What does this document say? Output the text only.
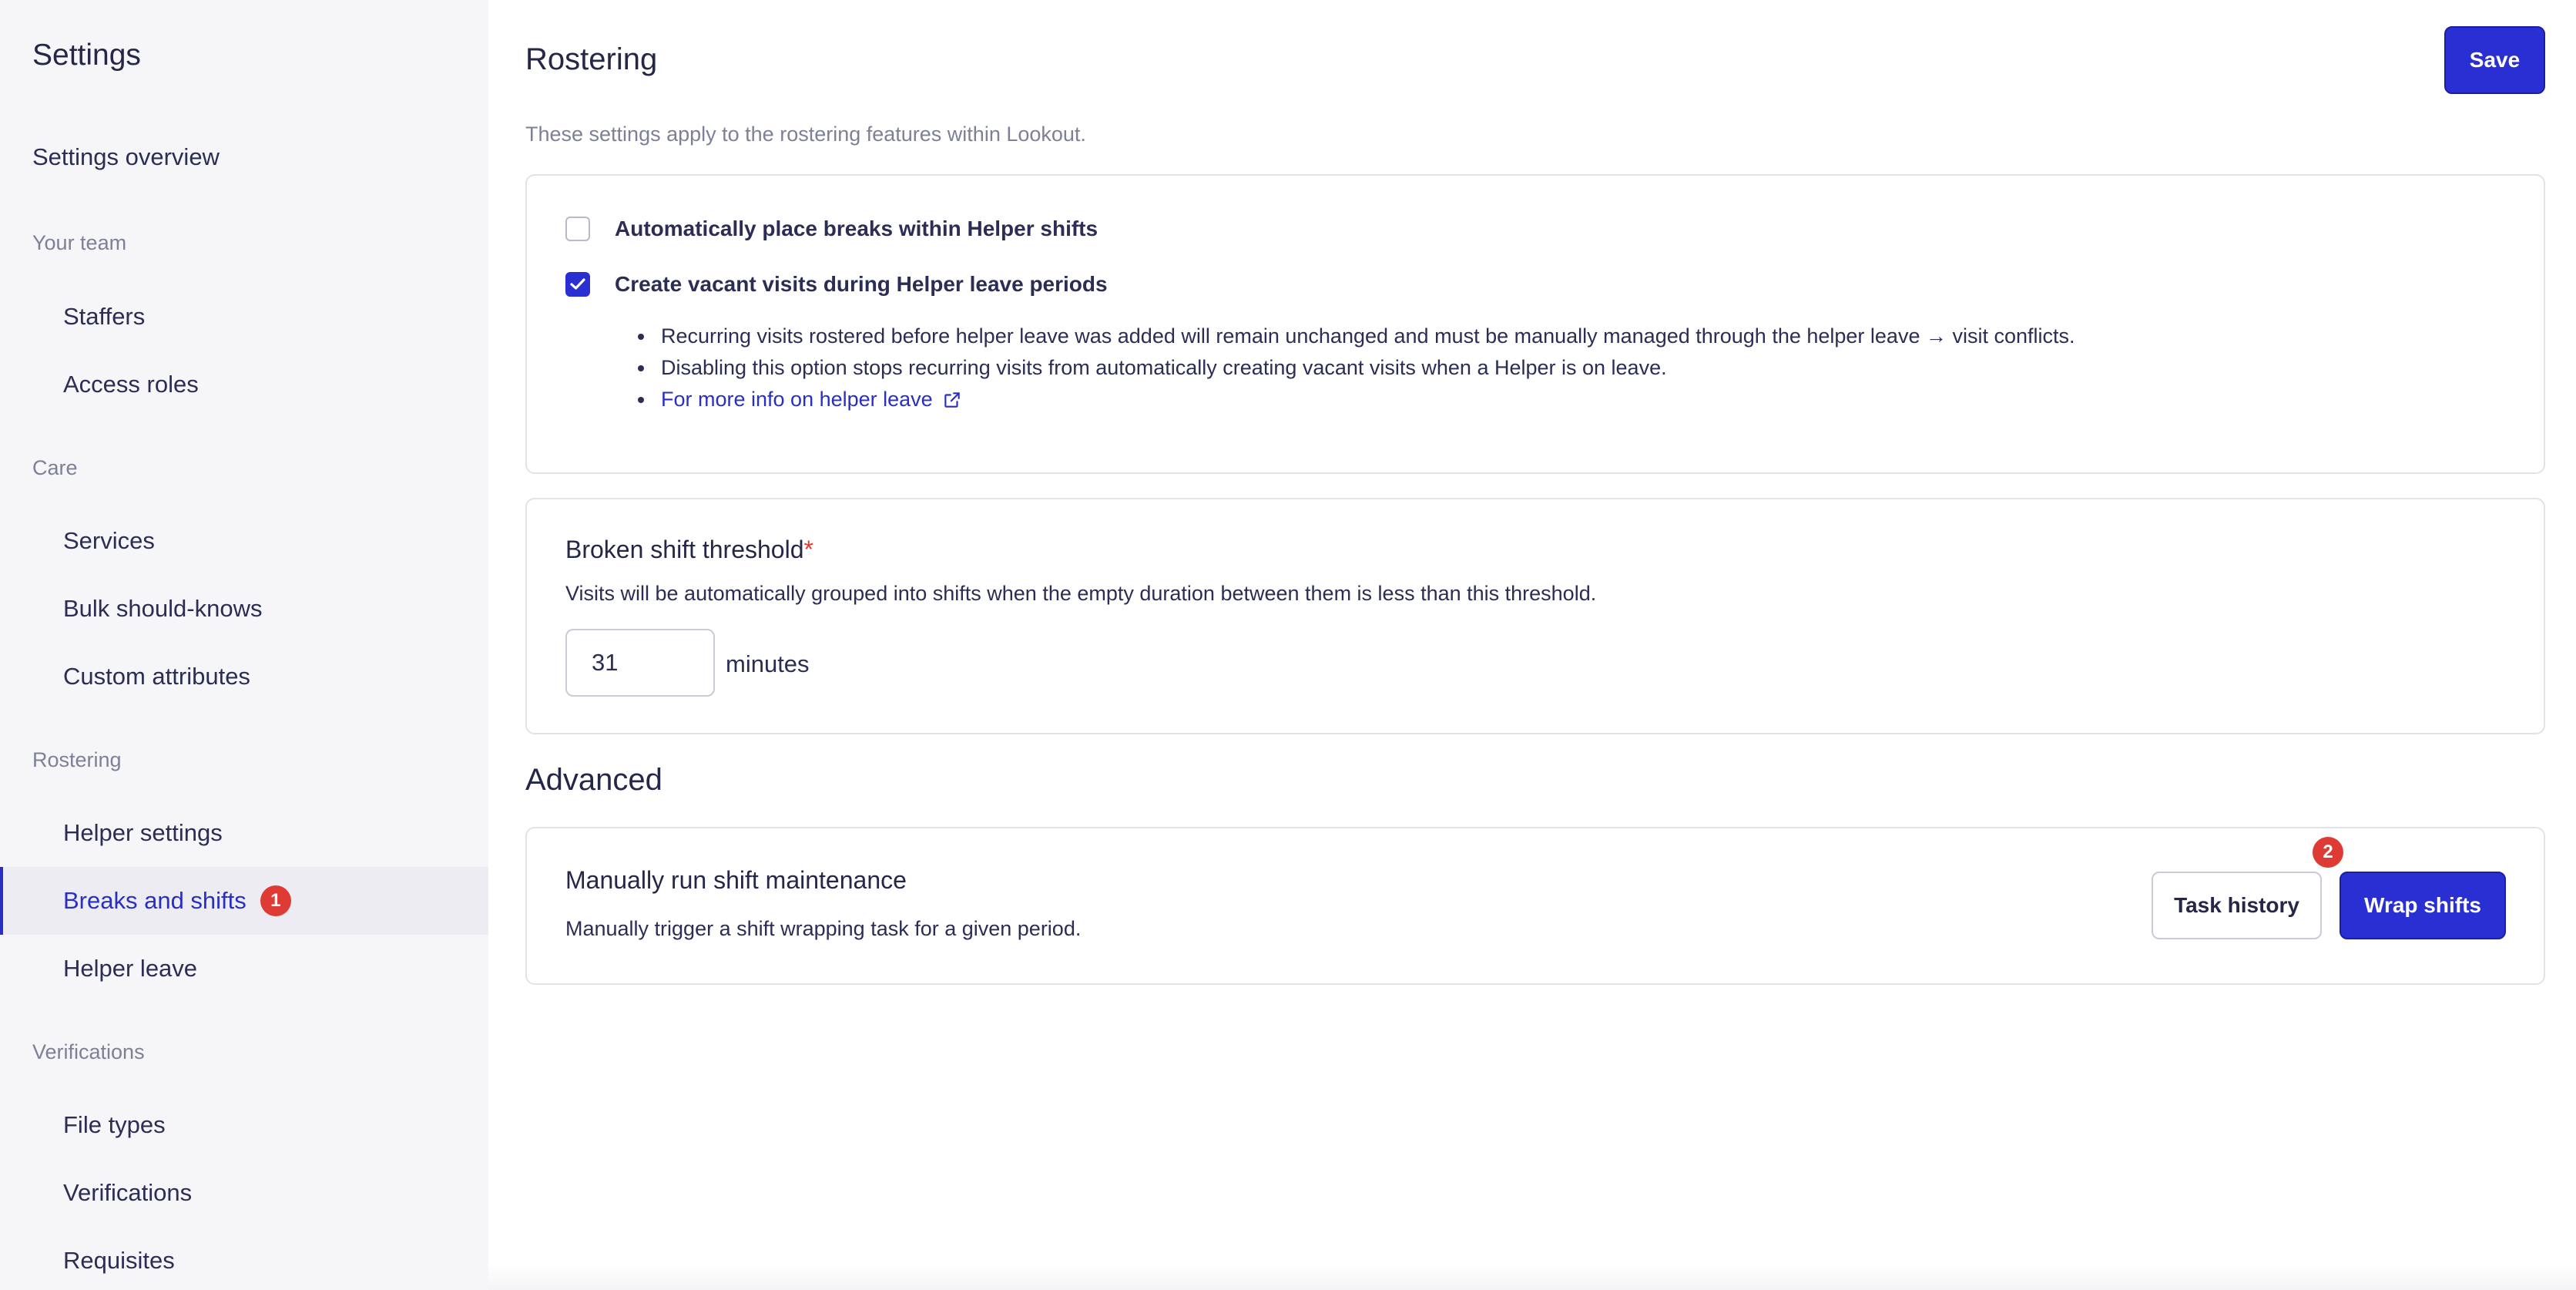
Settings
Settings overview
Your team
Staffers
Access roles
Care
Services
Bulk should-knows
Custom attributes
Rostering
Helper settings
Breaks and shifts	1
Helper leave
Verifications
File types
Verifications
Requisites
Rostering	Save
These settings apply to the rostering features within Lookout.
Automatically place breaks within Helper shifts
Create vacant visits during Helper leave periods
Recurring visits rostered before helper leave was added will remain unchanged and must be manually managed through the helper leave → visit conflicts.
Disabling this option stops recurring visits from automatically creating vacant visits when a Helper is on leave.
For more info on helper leave
Broken shift threshold*
Visits will be automatically grouped into shifts when the empty duration between them is less than this threshold.
31
minutes
Advanced
Manually run shift maintenance
Manually trigger a shift wrapping task for a given period.
Task history
2
Wrap shifts
